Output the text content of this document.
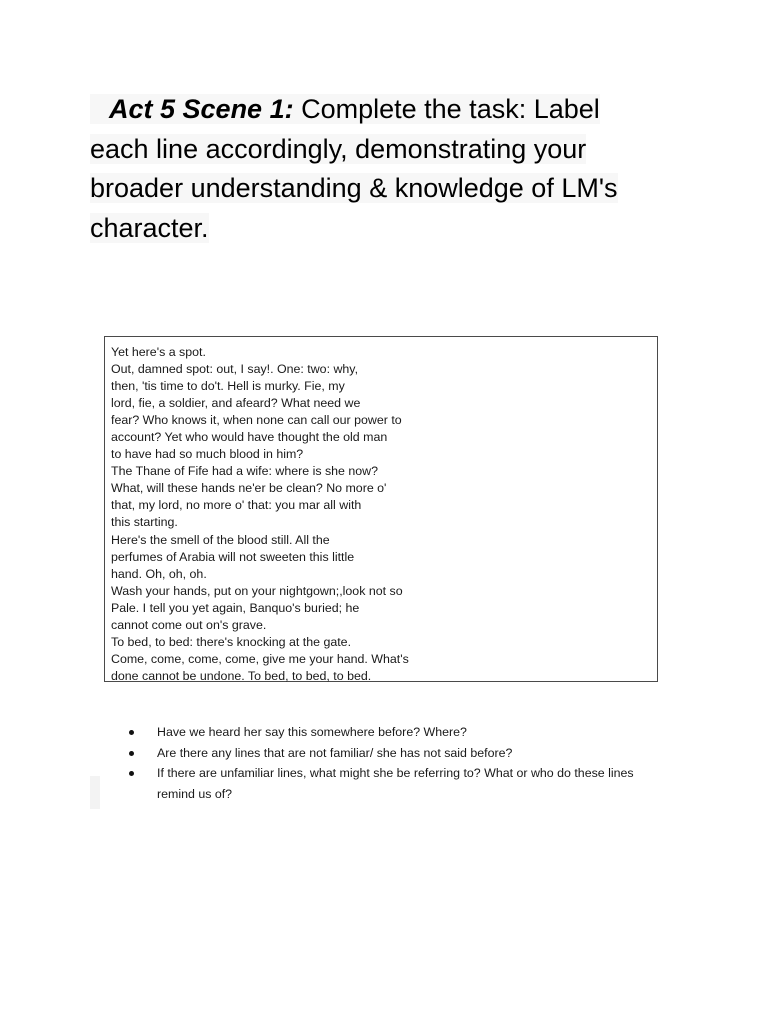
Act 5 Scene 1: Complete the task: Label
each line accordingly, demonstrating your
broader understanding & knowledge of LM's
character.
Yet here's a spot.
Out, damned spot: out, I say!. One: two: why,
then, 'tis time to do't. Hell is murky. Fie, my
lord, fie, a soldier, and afeard? What need we
fear? Who knows it, when none can call our power to
account? Yet who would have thought the old man
to have had so much blood in him?
The Thane of Fife had a wife: where is she now?
What, will these hands ne'er be clean? No more o'
that, my lord, no more o' that: you mar all with
this starting.
Here's the smell of the blood still. All the
perfumes of Arabia will not sweeten this little
hand. Oh, oh, oh.
Wash your hands, put on your nightgown;,look not so
Pale. I tell you yet again, Banquo's buried; he
cannot come out on's grave.
To bed, to bed: there's knocking at the gate.
Come, come, come, come, give me your hand. What's
done cannot be undone. To bed, to bed, to bed.
Have we heard her say this somewhere before? Where?
Are there any lines that are not familiar/ she has not said before?
If there are unfamiliar lines, what might she be referring to? What or who do these lines remind us of?
